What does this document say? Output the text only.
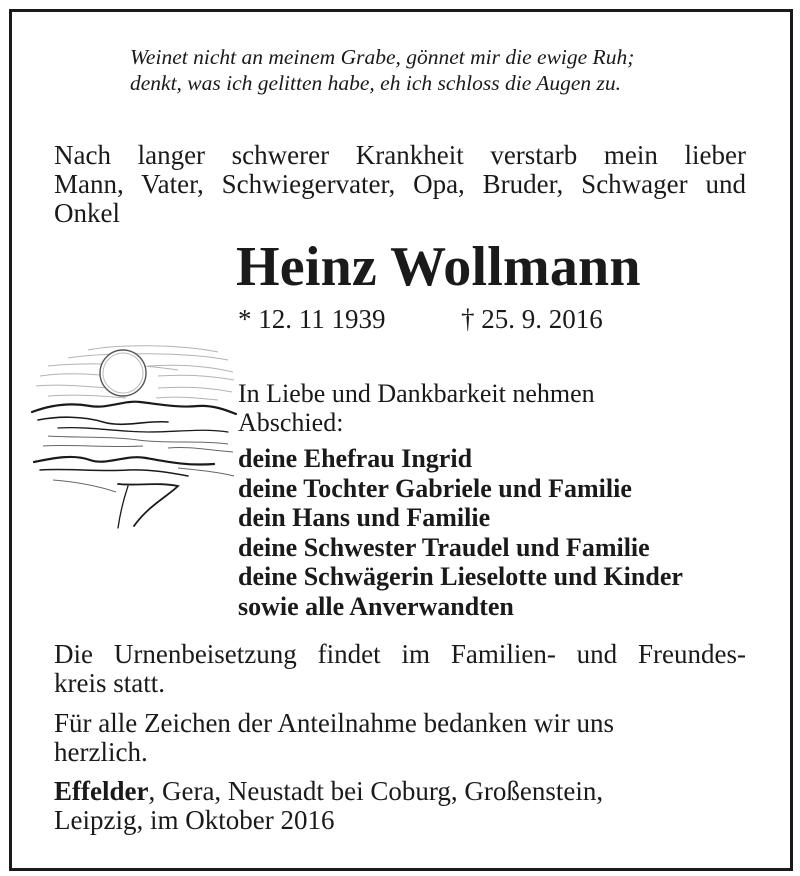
Weinet nicht an meinem Grabe, gönnet mir die ewige Ruh;
denkt, was ich gelitten habe, eh ich schloss die Augen zu.
Nach langer schwerer Krankheit verstarb mein lieber
Mann, Vater, Schwiegervater, Opa, Bruder, Schwager und
Onkel
Heinz Wollmann
* 12. 11 1939	† 25. 9. 2016
In Liebe und Dankbarkeit nehmen
Abschied:
deine Ehefrau Ingrid
deine Tochter Gabriele und Familie
dein Hans und Familie
deine Schwester Traudel und Familie
deine Schwägerin Lieselotte und Kinder
sowie alle Anverwandten
Die Urnenbeisetzung findet im Familien- und Freundes-
kreis statt.
Für alle Zeichen der Anteilnahme bedanken wir uns
herzlich.
Effelder, Gera, Neustadt bei Coburg, Großenstein,
Leipzig, im Oktober 2016
